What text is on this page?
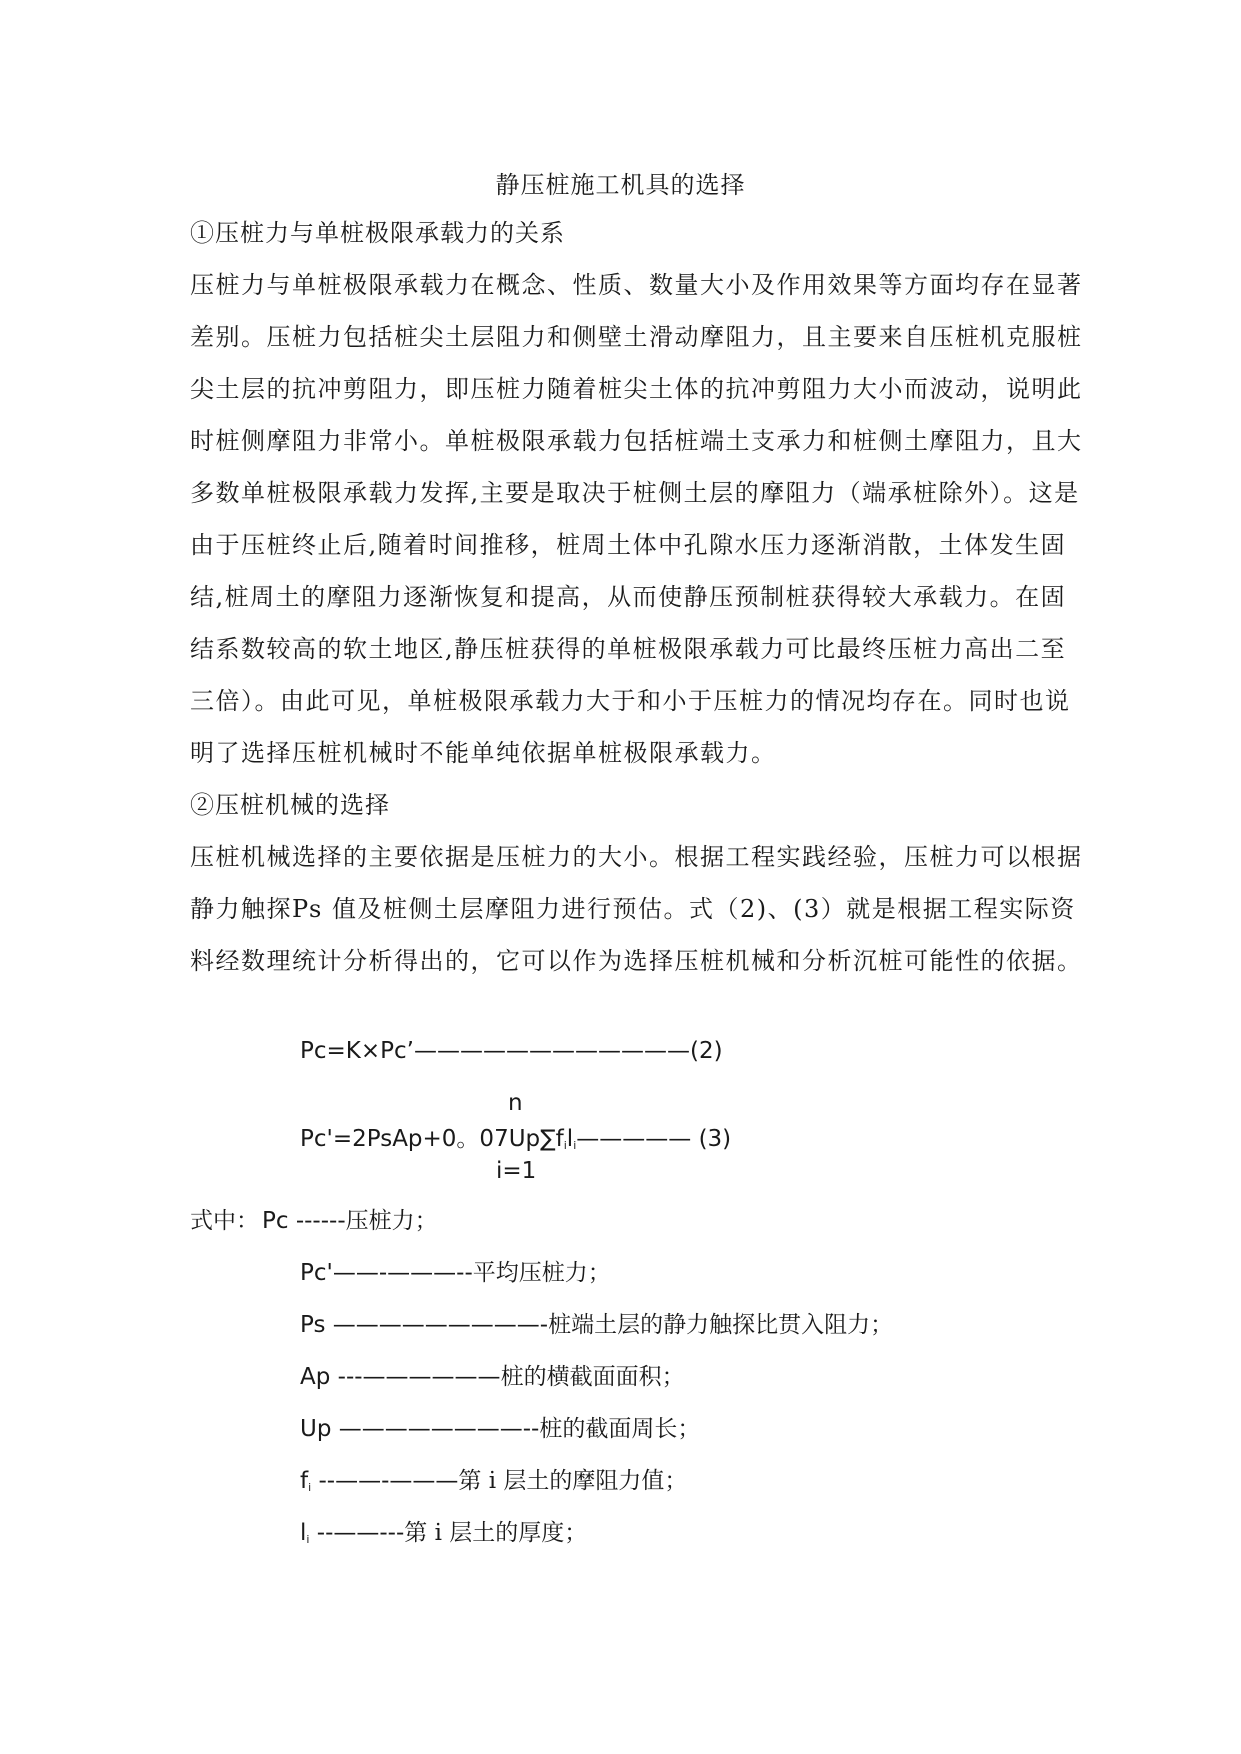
静压桩施工机具的选择
①压桩力与单桩极限承载力的关系
压桩力与单桩极限承载力在概念、性质、数量大小及作用效果等方面均存在显著
差别。压桩力包括桩尖土层阻力和侧壁土滑动摩阻力，且主要来自压桩机克服桩
尖土层的抗冲剪阻力，即压桩力随着桩尖土体的抗冲剪阻力大小而波动，说明此
时桩侧摩阻力非常小。单桩极限承载力包括桩端土支承力和桩侧土摩阻力，且大
多数单桩极限承载力发挥,主要是取决于桩侧土层的摩阻力（端承桩除外）。这是
由于压桩终止后,随着时间推移，桩周土体中孔隙水压力逐渐消散，土体发生固
结,桩周土的摩阻力逐渐恢复和提高，从而使静压预制桩获得较大承载力。在固
结系数较高的软土地区,静压桩获得的单桩极限承载力可比最终压桩力高出二至
三倍）。由此可见，单桩极限承载力大于和小于压桩力的情况均存在。同时也说
明了选择压桩机械时不能单纯依据单桩极限承载力。
②压桩机械的选择
压桩机械选择的主要依据是压桩力的大小。根据工程实践经验，压桩力可以根据
静力触探Ps 值及桩侧土层摩阻力进行预估。式（2)、(3）就是根据工程实际资
料经数理统计分析得出的，它可以作为选择压桩机械和分析沉桩可能性的依据。
Pc=K×Pc’————————————(2)
n
Pc'=2PsAp+0。$07Up\sum f_il_i—————$ (3)
i=1
式中： Pc ------压桩力；
Pc'——-———--平均压桩力；
Ps —————————-桩端土层的静力触探比贯入阻力；
Ap ---——————桩的横截面面积；
Up ————————--桩的截面周长；
$f_i$ --——-———第 i 层土的摩阻力值；
$l_i$ --——---第 i 层土的厚度；
